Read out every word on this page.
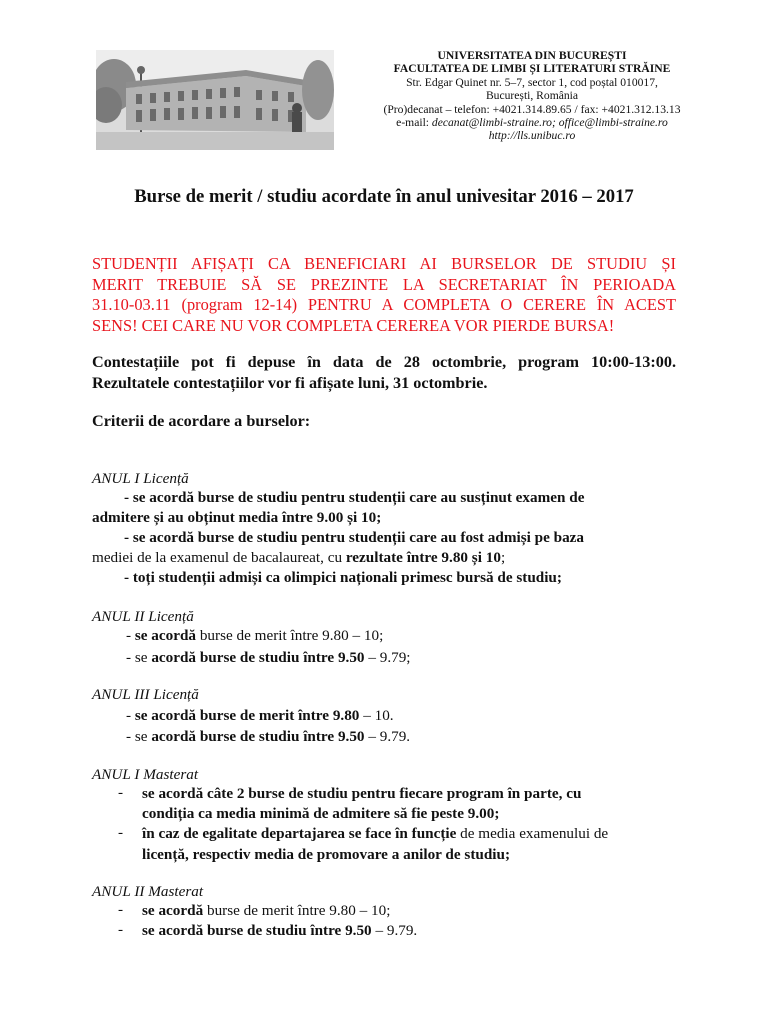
UNIVERSITATEA DIN BUCUREȘTI
FACULTATEA DE LIMBI ȘI LITERATURI STRĂINE
Str. Edgar Quinet nr. 5–7, sector 1, cod poștal 010017,
București, România
(Pro)decanat – telefon: +4021.314.89.65 / fax: +4021.312.13.13
e-mail: decanat@limbi-straine.ro; office@limbi-straine.ro
http://lls.unibuc.ro
Burse de merit / studiu acordate în anul univesitar 2016 – 2017
STUDENȚII AFIȘAȚI CA BENEFICIARI AI BURSELOR DE STUDIU ȘI
MERIT TREBUIE SĂ SE PREZINTE LA SECRETARIAT ÎN PERIOADA
31.10-03.11 (program 12-14) PENTRU A COMPLETA O CERERE ÎN ACEST
SENS! CEI CARE NU VOR COMPLETA CEREREA VOR PIERDE BURSA!
Contestațiile pot fi depuse în data de 28 octombrie, program 10:00-13:00.
Rezultatele contestațiilor vor fi afișate luni, 31 octombrie.
Criterii de acordare a burselor:
ANUL I Licență
- se acordă burse de studiu pentru studenții care au susținut examen de
admitere și au obținut media între 9.00 și 10;
- se acordă burse de studiu pentru studenții care au fost admiși pe baza
mediei de la examenul de bacalaureat, cu rezultate între 9.80 și 10;
- toți studenții admiși ca olimpici naționali primesc bursă de studiu;
ANUL II Licență
- se acordă burse de merit între 9.80 – 10;
- se acordă burse de studiu între 9.50 – 9.79;
ANUL III Licență
- se acordă burse de merit între 9.80 – 10.
- se acordă burse de studiu între 9.50 – 9.79.
ANUL I Masterat
- se acordă câte 2 burse de studiu pentru fiecare program în parte, cu
condiția ca media minimă de admitere să fie peste 9.00;
- în caz de egalitate departajarea se face în funcție de media examenului de
licență, respectiv media de promovare a anilor de studiu;
ANUL II Masterat
- se acordă burse de merit între 9.80 – 10;
- se acordă burse de studiu între 9.50 – 9.79.
